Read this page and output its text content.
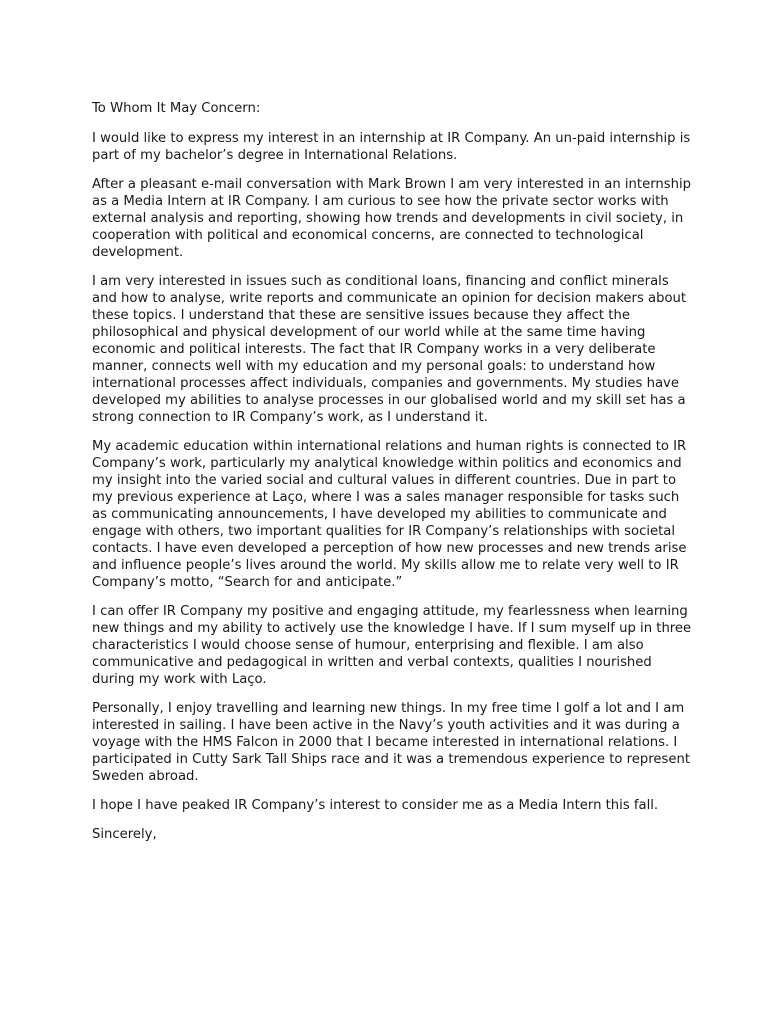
To Whom It May Concern:

I would like to express my interest in an internship at IR Company. An un-paid internship is part of my bachelor’s degree in International Relations.

After a pleasant e-mail conversation with Mark Brown I am very interested in an internship as a Media Intern at IR Company. I am curious to see how the private sector works with external analysis and reporting, showing how trends and developments in civil society, in cooperation with political and economical concerns, are connected to technological development.

I am very interested in issues such as conditional loans, financing and conflict minerals and how to analyse, write reports and communicate an opinion for decision makers about these topics. I understand that these are sensitive issues because they affect the philosophical and physical development of our world while at the same time having economic and political interests. The fact that IR Company works in a very deliberate manner, connects well with my education and my personal goals: to understand how international processes affect individuals, companies and governments. My studies have developed my abilities to analyse processes in our globalised world and my skill set has a strong connection to IR Company’s work, as I understand it.

My academic education within international relations and human rights is connected to IR Company’s work, particularly my analytical knowledge within politics and economics and my insight into the varied social and cultural values in different countries. Due in part to my previous experience at Laço, where I was a sales manager responsible for tasks such as communicating announcements, I have developed my abilities to communicate and engage with others, two important qualities for IR Company’s relationships with societal contacts. I have even developed a perception of how new processes and new trends arise and influence people’s lives around the world. My skills allow me to relate very well to IR Company’s motto, “Search for and anticipate.”

I can offer IR Company my positive and engaging attitude, my fearlessness when learning new things and my ability to actively use the knowledge I have. If I sum myself up in three characteristics I would choose sense of humour, enterprising and flexible. I am also communicative and pedagogical in written and verbal contexts, qualities I nourished during my work with Laço.

Personally, I enjoy travelling and learning new things. In my free time I golf a lot and I am interested in sailing. I have been active in the Navy’s youth activities and it was during a voyage with the HMS Falcon in 2000 that I became interested in international relations. I participated in Cutty Sark Tall Ships race and it was a tremendous experience to represent Sweden abroad.

I hope I have peaked IR Company’s interest to consider me as a Media Intern this fall.

Sincerely,
